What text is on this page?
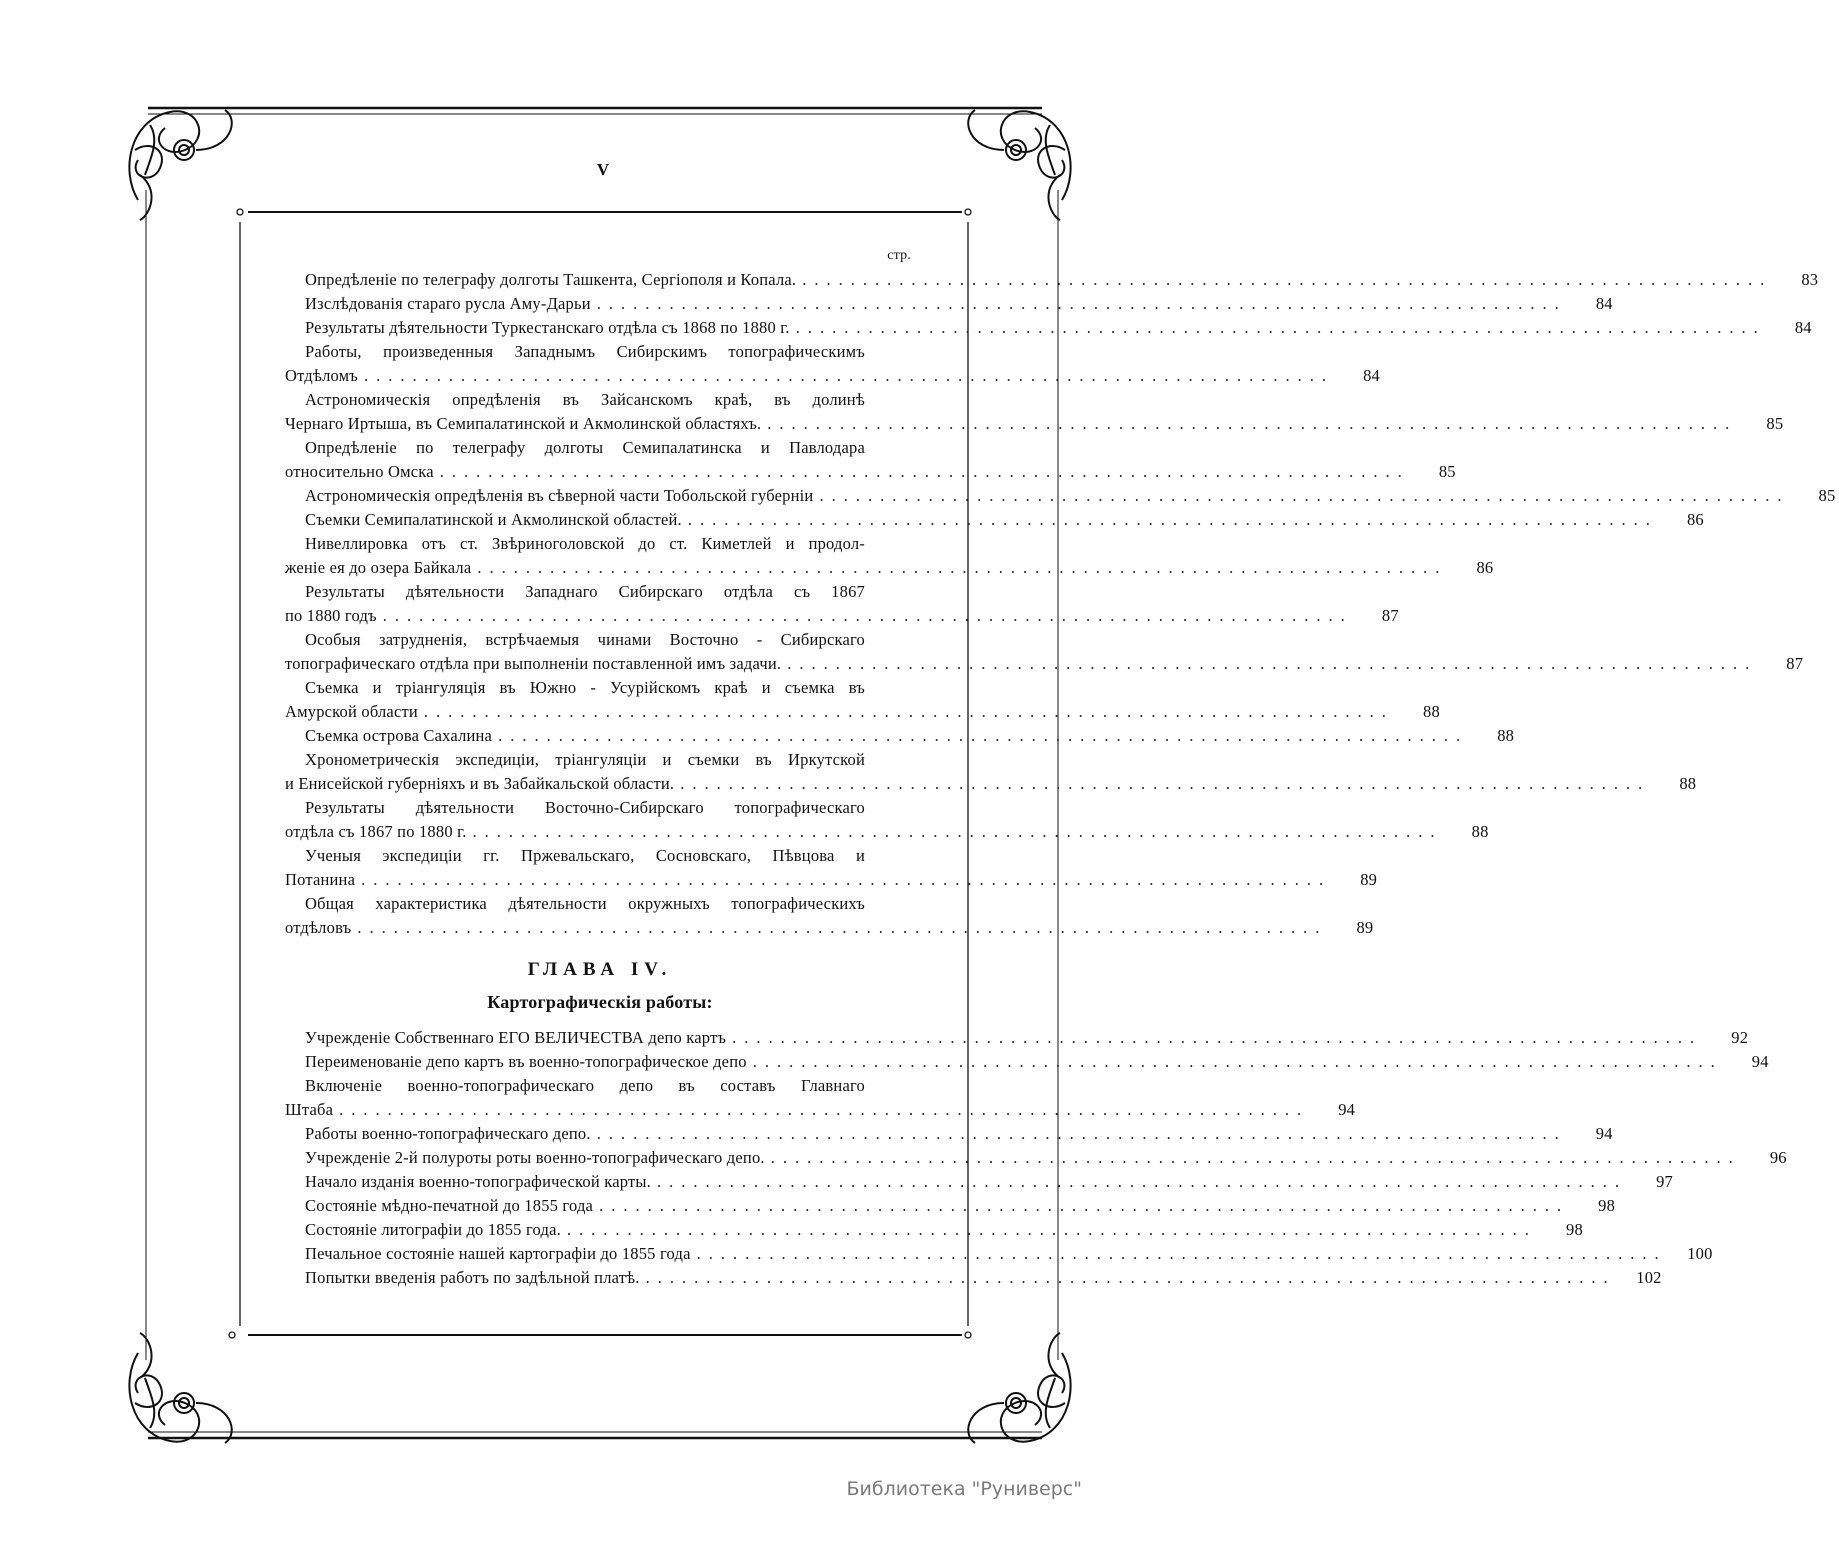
V
стр.
Опредѣленіе по телеграфу долготы Ташкента, Сергіополя и Копала. ................................................................................	83
Изслѣдованія стараго русла Аму-Дарьи ................................................................................	84
Результаты дѣятельности Туркестанскаго отдѣла съ 1868 по 1880 г. ................................................................................	84
Работы, произведенныя Западнымъ Сибирскимъ топографическимъ
Отдѣломъ ................................................................................	84
Астрономическія опредѣленія въ Зайсанскомъ краѣ, въ долинѣ
Чернаго Иртыша, въ Семипалатинской и Акмолинской областяхъ. ................................................................................	85
Опредѣленіе по телеграфу долготы Семипалатинска и Павлодара
относительно Омска ................................................................................	85
Астрономическія опредѣленія въ сѣверной части Тобольской губерніи ................................................................................	85
Съемки Семипалатинской и Акмолинской областей. ................................................................................	86
Нивеллировка отъ ст. Звѣриноголовской до ст. Киметлей и продол-
женіе ея до озера Байкала ................................................................................	86
Результаты дѣятельности Западнаго Сибирскаго отдѣла съ 1867
по 1880 годъ ................................................................................	87
Особыя затрудненія, встрѣчаемыя чинами Восточно - Сибирскаго
топографическаго отдѣла при выполненіи поставленной имъ задачи. ................................................................................	87
Съемка и тріангуляція въ Южно - Усурійскомъ краѣ и съемка въ
Амурской области ................................................................................	88
Съемка острова Сахалина ................................................................................	88
Хронометрическія экспедиціи, тріангуляціи и съемки въ Иркутской
и Енисейской губерніяхъ и въ Забайкальской области. ................................................................................	88
Результаты дѣятельности Восточно-Сибирскаго топографическаго
отдѣла съ 1867 по 1880 г. ................................................................................	88
Ученыя экспедиціи гг. Пржевальскаго, Сосновскаго, Пѣвцова и
Потанина ................................................................................	89
Общая характеристика дѣятельности окружныхъ топографическихъ
отдѣловъ ................................................................................	89
ГЛАВА IV.
Картографическія работы:
Учрежденіе Собственнаго ЕГО ВЕЛИЧЕСТВА депо картъ ................................................................................	92
Переименованіе депо картъ въ военно-топографическое депо ................................................................................	94
Включеніе военно-топографическаго депо въ составъ Главнаго
Штаба ................................................................................	94
Работы военно-топографическаго депо. ................................................................................	94
Учрежденіе 2-й полуроты роты военно-топографическаго депо. ................................................................................	96
Начало изданія военно-топографической карты. ................................................................................	97
Состояніе мѣдно-печатной до 1855 года ................................................................................	98
Состояніе литографіи до 1855 года. ................................................................................	98
Печальное состояніе нашей картографіи до 1855 года ................................................................................	100
Попытки введенія работъ по задѣльной платѣ. ................................................................................	102
Библиотека "Руниверс"
